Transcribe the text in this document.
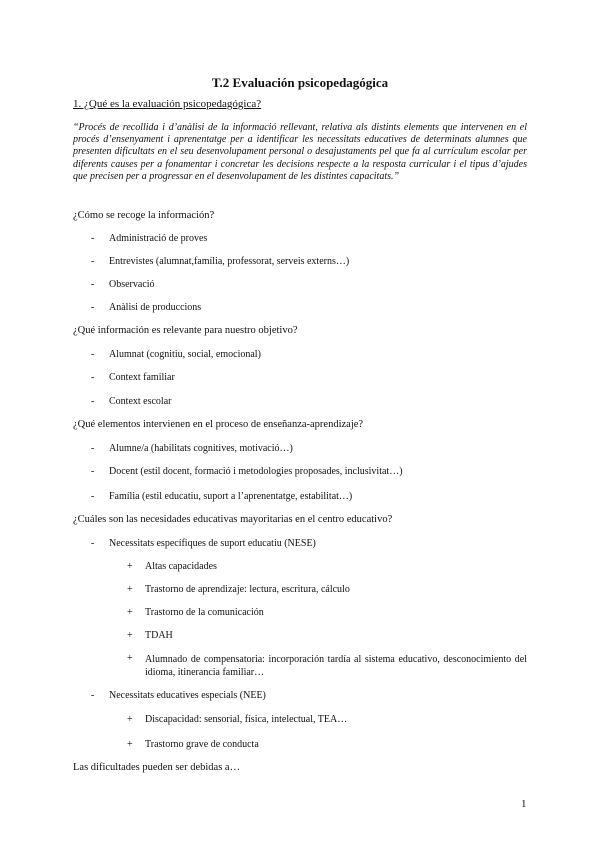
T.2 Evaluación psicopedagógica
1. ¿Qué es la evaluación psicopedagógica?
“Procés de recollida i d’anàlisi de la informació rellevant, relativa als distints elements que intervenen en el procés d’ensenyament i aprenentatge per a identificar les necessitats educatives de determinats alumnes que presenten dificultats en el seu desenvolupament personal o desajustaments pel que fa al currículum escolar per diferents causes per a fonamentar i concretar les decisions respecte a la resposta curricular i el tipus d’ajudes que precisen per a progressar en el desenvolupament de les distintes capacitats.”
¿Cómo se recoge la información?
- Administració de proves
- Entrevistes (alumnat,família, professorat, serveis externs…)
- Observació
- Anàlisi de produccions
¿Qué información es relevante para nuestro objetivo?
- Alumnat (cognitiu, social, emocional)
- Context familiar
- Context escolar
¿Qué elementos intervienen en el proceso de enseñanza-aprendizaje?
- Alumne/a (habilitats cognitives, motivació…)
- Docent (estil docent, formació i metodologies proposades, inclusivitat…)
- Família (estil educatiu, suport a l’aprenentatge, estabilitat…)
¿Cuáles son las necesidades educativas mayoritarias en el centro educativo?
- Necessitats específiques de suport educatiu (NESE)
+ Altas capacidades
+ Trastorno de aprendizaje: lectura, escritura, cálculo
+ Trastorno de la comunicación
+ TDAH
+ Alumnado de compensatoria: incorporación tardía al sistema educativo, desconocimiento del idioma, itinerancia familiar…
- Necessitats educatives especials (NEE)
+ Discapacidad: sensorial, física, intelectual, TEA…
+ Trastorno grave de conducta
Las dificultades pueden ser debidas a…
1
